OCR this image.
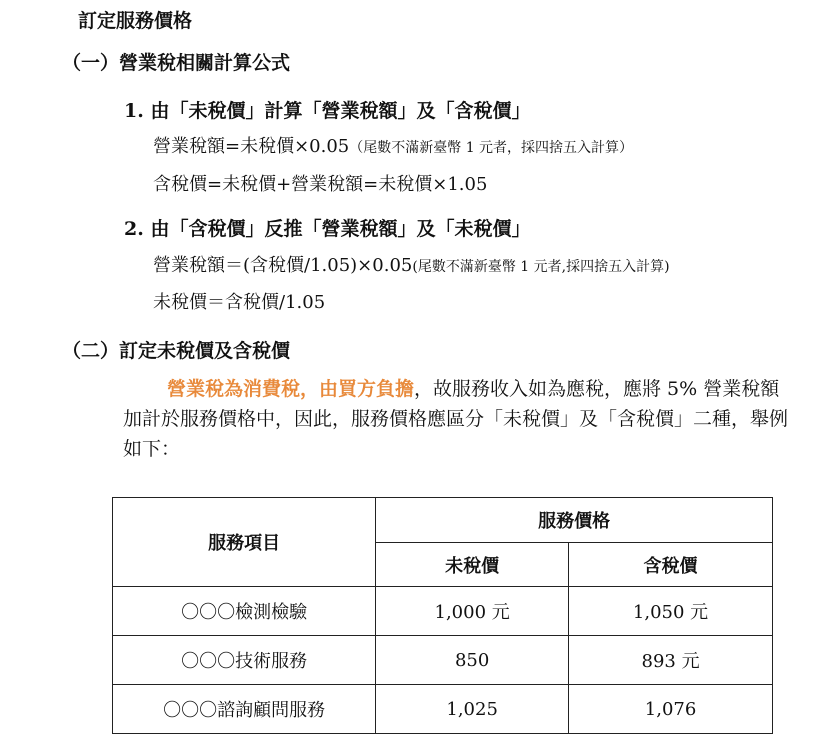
訂定服務價格
（一）營業稅相關計算公式
1. 由「未稅價」計算「營業稅額」及「含稅價」
營業稅額=未稅價×0.05（尾數不滿新臺幣 1 元者，採四捨五入計算）
含稅價=未稅價+營業稅額=未稅價×1.05
2. 由「含稅價」反推「營業稅額」及「未稅價」
營業稅額＝(含稅價/1.05)×0.05(尾數不滿新臺幣 1 元者,採四捨五入計算)
未稅價＝含稅價/1.05
（二）訂定未稅價及含稅價
營業稅為消費稅，由買方負擔，故服務收入如為應稅，應將 5% 營業稅額加計於服務價格中，因此，服務價格應區分「未稅價」及「含稅價」二種，舉例如下：
服務項目	服務價格	
	未稅價	含稅價
〇〇〇檢測檢驗	1,000 元	1,050 元
〇〇〇技術服務	850	893 元
〇〇〇諮詢顧問服務	1,025	1,076
